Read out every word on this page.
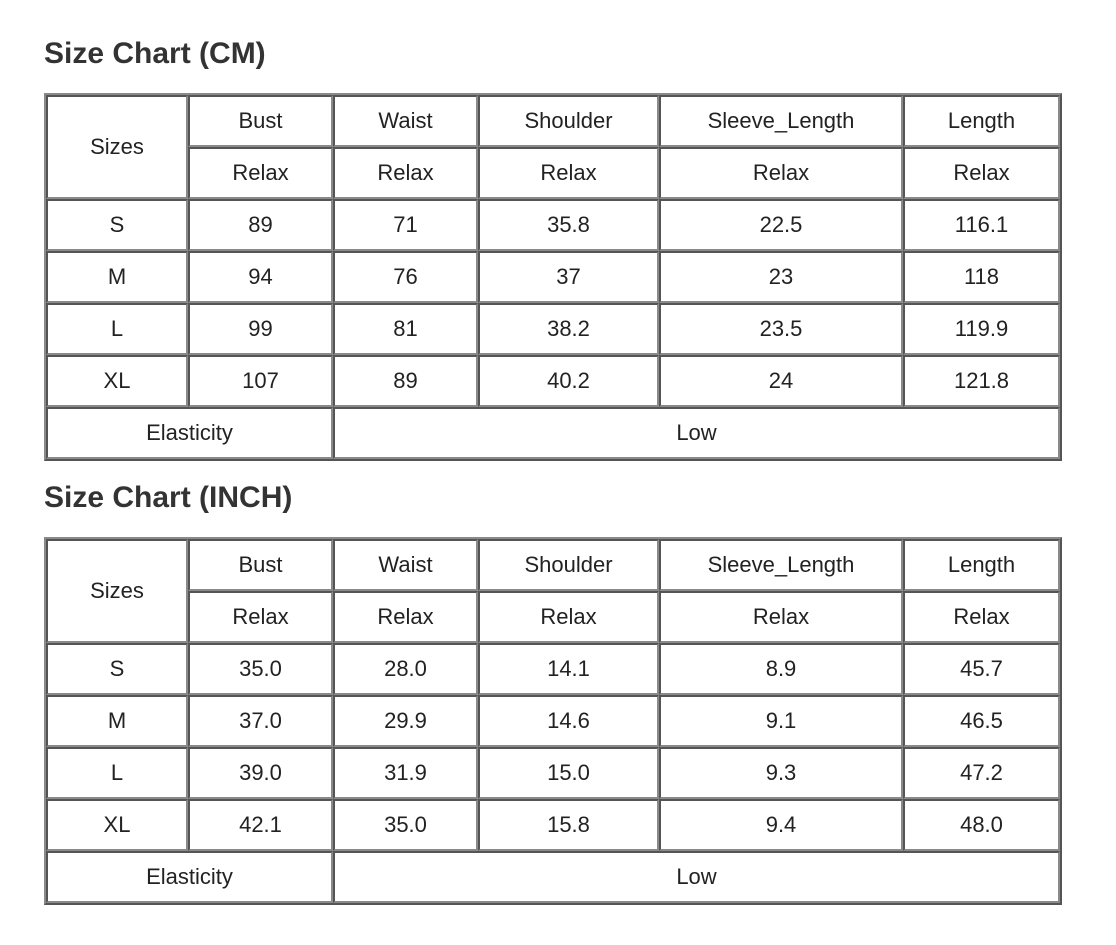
Size Chart (CM)
Sizes	Bust	Waist	Shoulder	Sleeve_Length	Length
	Relax	Relax	Relax	Relax	Relax
S	89	71	35.8	22.5	116.1
M	94	76	37	23	118
L	99	81	38.2	23.5	119.9
XL	107	89	40.2	24	121.8
Elasticity		Low			
Size Chart (INCH)
Sizes	Bust	Waist	Shoulder	Sleeve_Length	Length
	Relax	Relax	Relax	Relax	Relax
S	35.0	28.0	14.1	8.9	45.7
M	37.0	29.9	14.6	9.1	46.5
L	39.0	31.9	15.0	9.3	47.2
XL	42.1	35.0	15.8	9.4	48.0
Elasticity		Low			
